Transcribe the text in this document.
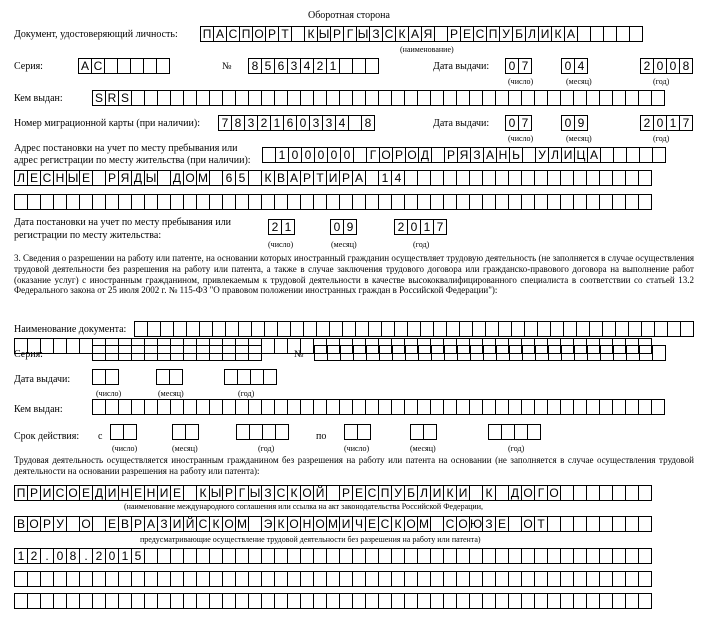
Оборотная сторона
Документ, удостоверяющий личность: П А С П О Р Т К Ы Р Г Ы З С К А Я Р Е С П У Б Л И К А
(наименование)
Серия:	А С	№	8 5 6 3 4 2 1	Дата выдачи:	0 7	0 4	2 0 0 8
(число)	(месяц)	(год)
Кем выдан:	S R S
Номер миграционной карты (при наличии):	7 8 3 2 1 6 0 3 3 4	8	Дата выдачи:	0 7	0 9	2 0 1 7
(число)	(месяц)	(год)
Адрес постановки на учет по месту пребывания или
адрес регистрации по месту жительства (при наличии):	1 0 0 0 0 0	Г О Р О Д Р Я З А Н Ь У Л И Ц А
Л Е С Н Ы Е Р Я Д Ы Д О М	6 5	К В А Р Т И Р А	1 4
Дата постановки на учет по месту пребывания или
регистрации по месту жительства:
2 1	0 9	2 0 1 7
(число)	(месяц)	(год)
3. Сведения о разрешении на работу или патенте, на основании которых иностранный гражданин осуществляет трудовую деятельность (не заполняется в случае осуществления трудовой деятельности без разрешения на работу или патента, а также в случае заключения трудового договора или гражданско-правового договора на выполнение работ (оказание услуг) с иностранным гражданином, привлекаемым к трудовой деятельности в качестве высококвалифицированного специалиста в соответствии со статьей 13.2 Федерального закона от 25 июля 2002 г. № 115-ФЗ "О правовом положении иностранных граждан в Российской Федерации"):
Наименование документа:
Серия:	№
Дата выдачи:
(число)	(месяц)	(год)
Кем выдан:
Срок действия: с	по
(число)	(месяц)	(год)	(число)	(месяц)	(год)
Трудовая деятельность осуществляется иностранным гражданином без разрешения на работу или патента на основании (не заполняется в случае осуществления трудовой деятельности на основании разрешения на работу или патента):
П Р И С О Е Д И Н Е Н И Е К Ы Р Г Ы З С К О Й Р Е С П У Б Л И К И К Д О Г О
(наименование международного соглашения или ссылка на акт законодательства Российской Федерации,
В О Р У О Е В Р А З И Й С К О М Э К О Н О М И Ч Е С К О М С О Ю З Е О Т
предусматривающие осуществление трудовой деятельности без разрешения на работу или патента)
1 2 . 0 8 . 2 0 1 5
